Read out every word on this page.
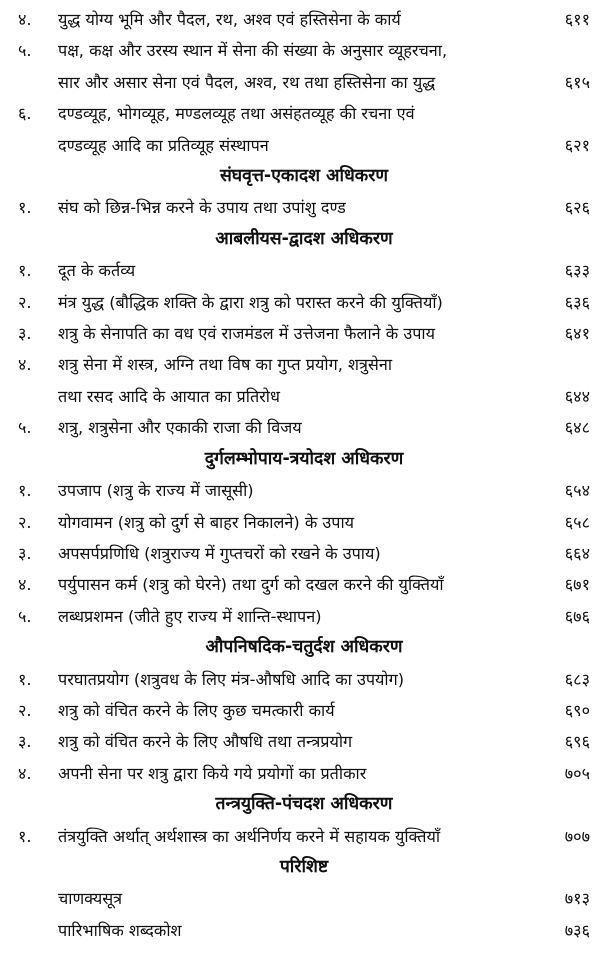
४.	युद्ध योग्य भूमि और पैदल, रथ, अश्व एवं हस्तिसेना के कार्य	६११
५.	पक्ष, कक्ष और उरस्य स्थान में सेना की संख्या के अनुसार व्यूहरचना,
सार और असार सेना एवं पैदल, अश्व, रथ तथा हस्तिसेना का युद्ध	६१५
६.	दण्डव्यूह, भोगव्यूह, मण्डलव्यूह तथा असंहतव्यूह की रचना एवं
दण्डव्यूह आदि का प्रतिव्यूह संस्थापन	६२१
संघवृत्त-एकादश अधिकरण
१.	संघ को छिन्न-भिन्न करने के उपाय तथा उपांशु दण्ड	६२६
आबलीयस-द्वादश अधिकरण
१.	दूत के कर्तव्य	६३३
२.	मंत्र युद्ध (बौद्धिक शक्ति के द्वारा शत्रु को परास्त करने की युक्तियाँ)	६३६
३.	शत्रु के सेनापति का वध एवं राजमंडल में उत्तेजना फैलाने के उपाय	६४१
४.	शत्रु सेना में शस्त्र, अग्नि तथा विष का गुप्त प्रयोग, शत्रुसेना
तथा रसद आदि के आयात का प्रतिरोध	६४४
५.	शत्रु, शत्रुसेना और एकाकी राजा की विजय	६४८
दुर्गलम्भोपाय-त्रयोदश अधिकरण
१.	उपजाप (शत्रु के राज्य में जासूसी)	६५४
२.	योगवामन (शत्रु को दुर्ग से बाहर निकालने) के उपाय	६५८
३.	अपसर्पप्रणिधि (शत्रुराज्य में गुप्तचरों को रखने के उपाय)	६६४
४.	पर्युपासन कर्म (शत्रु को घेरने) तथा दुर्ग को दखल करने की युक्तियाँ	६७१
५.	लब्धप्रशमन (जीते हुए राज्य में शान्ति-स्थापन)	६७६
औपनिषदिक-चतुर्दश अधिकरण
१.	परघातप्रयोग (शत्रुवध के लिए मंत्र-औषधि आदि का उपयोग)	६८३
२.	शत्रु को वंचित करने के लिए कुछ चमत्कारी कार्य	६९०
३.	शत्रु को वंचित करने के लिए औषधि तथा तन्त्रप्रयोग	६९६
४.	अपनी सेना पर शत्रु द्वारा किये गये प्रयोगों का प्रतीकार	७०५
तन्त्रयुक्ति-पंचदश अधिकरण
१.	तंत्रयुक्ति अर्थात् अर्थशास्त्र का अर्थनिर्णय करने में सहायक युक्तियाँ	७०७
परिशिष्ट
चाणक्यसूत्र	७१३
पारिभाषिक शब्दकोश	७३६
